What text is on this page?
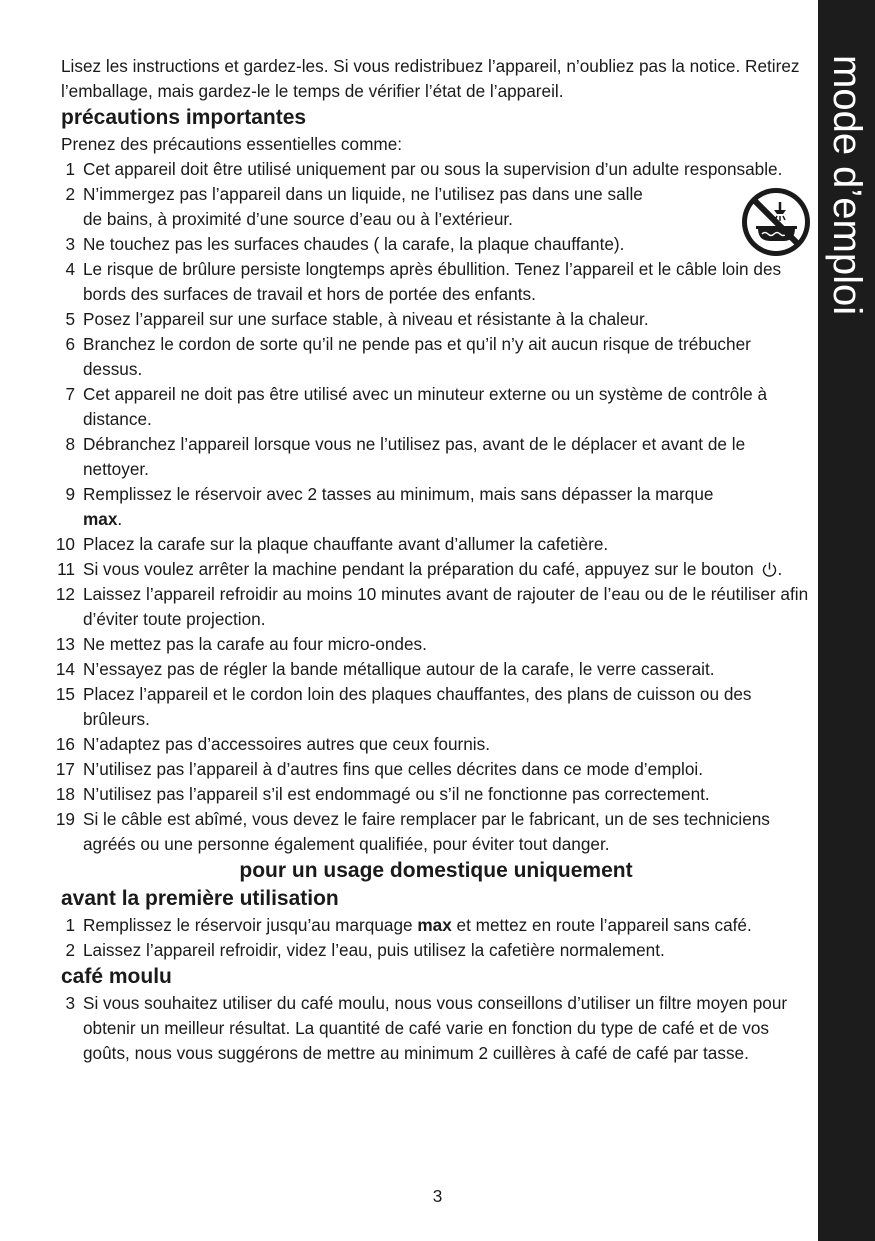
mode d’emploi

Lisez les instructions et gardez-les. Si vous redistribuez l’appareil, n’oubliez pas la notice. Retirez l’emballage, mais gardez-le le temps de vérifier l’état de l’appareil.

précautions importantes

Prenez des précautions essentielles comme:

1 Cet appareil doit être utilisé uniquement par ou sous la supervision d’un adulte responsable.
2 N’immergez pas l’appareil dans un liquide, ne l’utilisez pas dans une salle
de bains, à proximité d’une source d’eau ou à l’extérieur.
3 Ne touchez pas les surfaces chaudes ( la carafe, la plaque chauffante).
4 Le risque de brûlure persiste longtemps après ébullition. Tenez l’appareil et le câble loin des bords des surfaces de travail et hors de portée des enfants.
5 Posez l’appareil sur une surface stable, à niveau et résistante à la chaleur.
6 Branchez le cordon de sorte qu’il ne pende pas et qu’il n’y ait aucun risque de trébucher dessus.
7 Cet appareil ne doit pas être utilisé avec un minuteur externe ou un système de contrôle à distance.
8 Débranchez l’appareil lorsque vous ne l’utilisez pas, avant de le déplacer et avant de le nettoyer.
9 Remplissez le réservoir avec 2 tasses au minimum, mais sans dépasser la marque
max.
10 Placez la carafe sur la plaque chauffante avant d’allumer la cafetière.
11 Si vous voulez arrêter la machine pendant la préparation du café, appuyez sur le bouton .
12 Laissez l’appareil refroidir au moins 10 minutes avant de rajouter de l’eau ou de le réutiliser afin d’éviter toute projection.
13 Ne mettez pas la carafe au four micro-ondes.
14 N’essayez pas de régler la bande métallique autour de la carafe, le verre casserait.
15 Placez l’appareil et le cordon loin des plaques chauffantes, des plans de cuisson ou des brûleurs.
16 N’adaptez pas d’accessoires autres que ceux fournis.
17 N’utilisez pas l’appareil à d’autres fins que celles décrites dans ce mode d’emploi.
18 N’utilisez pas l’appareil s’il est endommagé ou s’il ne fonctionne pas correctement.
19 Si le câble est abîmé, vous devez le faire remplacer par le fabricant, un de ses techniciens agréés ou une personne également qualifiée, pour éviter tout danger.
pour un usage domestique uniquement
avant la première utilisation
1 Remplissez le réservoir jusqu’au marquage max et mettez en route l’appareil sans café.
2 Laissez l’appareil refroidir, videz l’eau, puis utilisez la cafetière normalement.
café moulu
3 Si vous souhaitez utiliser du café moulu, nous vous conseillons d’utiliser un filtre moyen pour obtenir un meilleur résultat. La quantité de café varie en fonction du type de café et de vos goûts, nous vous suggérons de mettre au minimum 2 cuillères à café de café par tasse.
3
